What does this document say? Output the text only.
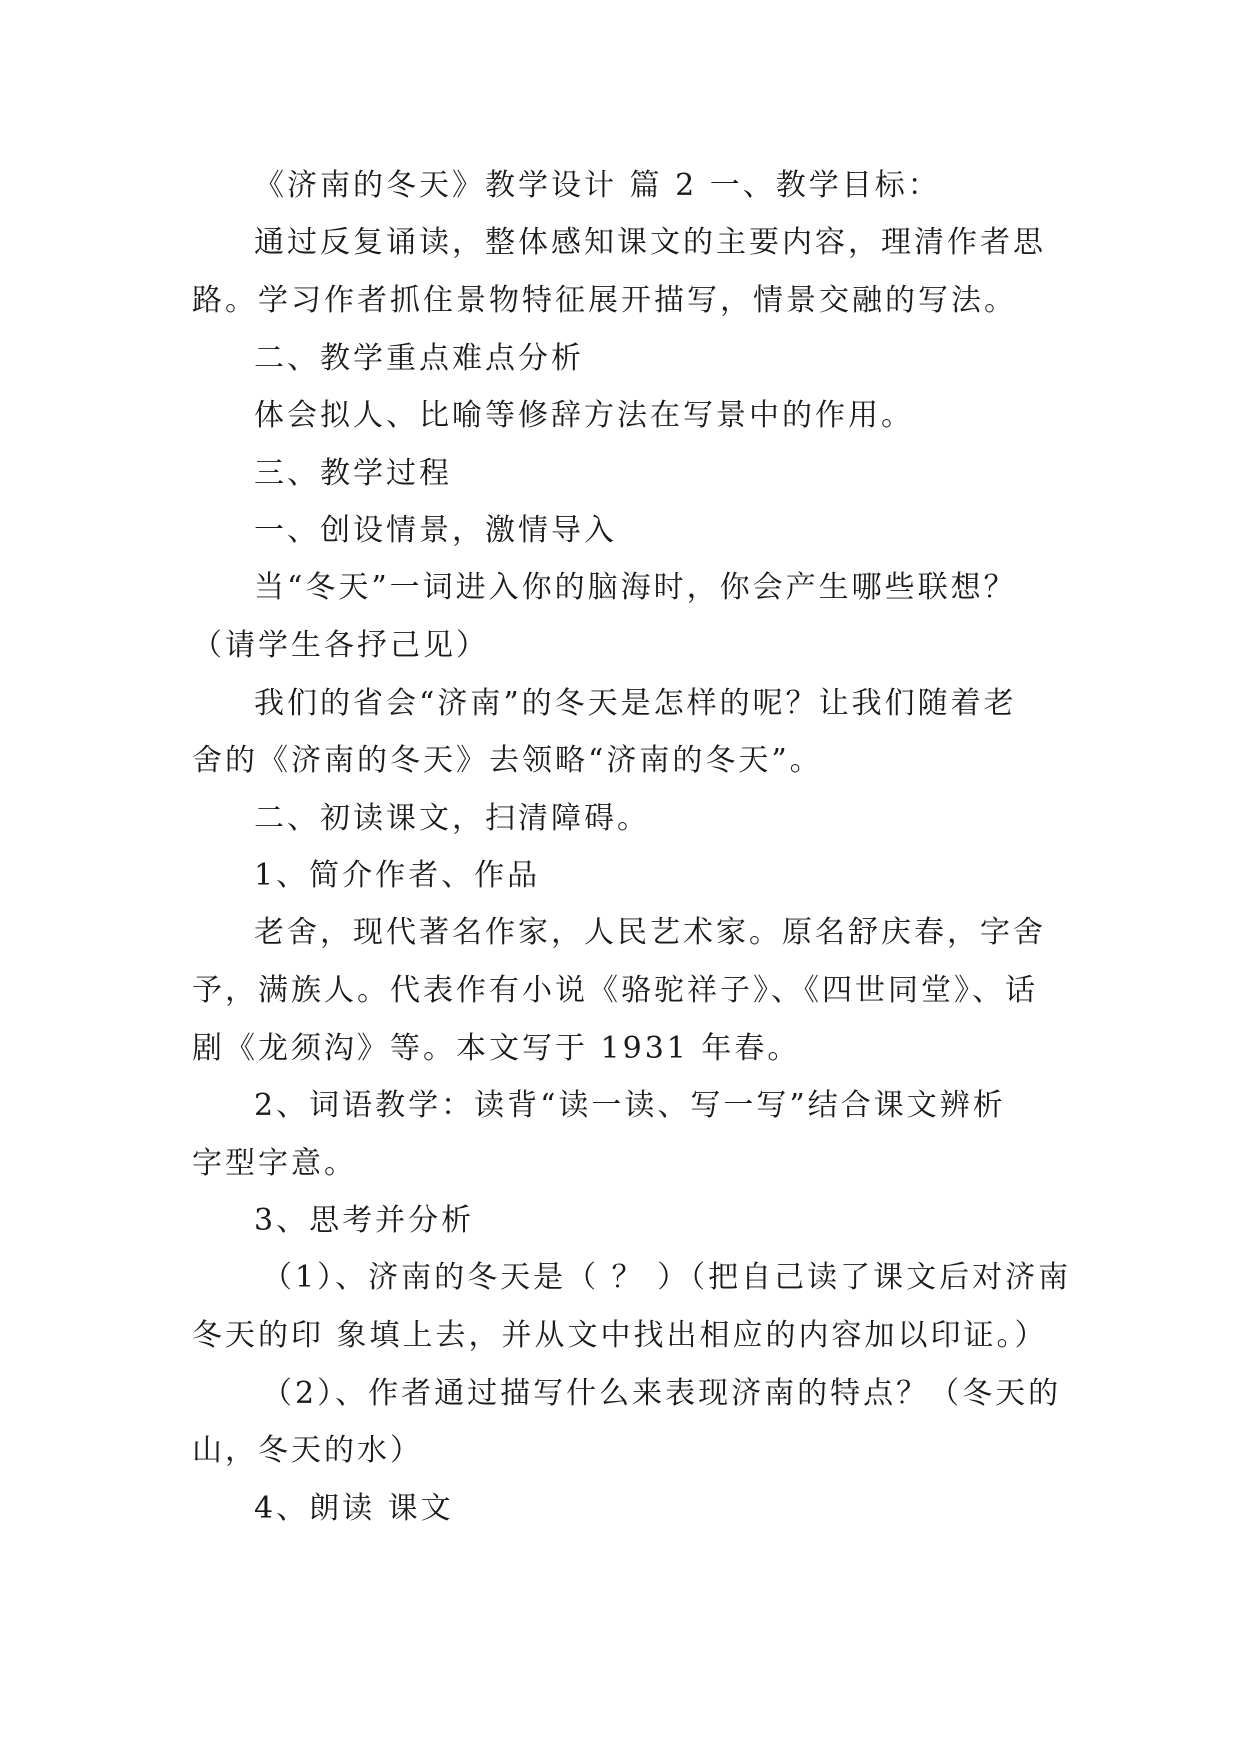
《济南的冬天》教学设计 篇 2 一、教学目标：
通过反复诵读，整体感知课文的主要内容，理清作者思
路。学习作者抓住景物特征展开描写，情景交融的写法。
二、教学重点难点分析
体会拟人、比喻等修辞方法在写景中的作用。
三、教学过程
一、创设情景，激情导入
当“冬天”一词进入你的脑海时，你会产生哪些联想？
（请学生各抒己见）
我们的省会“济南”的冬天是怎样的呢？让我们随着老
舍的《济南的冬天》去领略“济南的冬天”。
二、初读课文，扫清障碍。
1、简介作者、作品
老舍，现代著名作家，人民艺术家。原名舒庆春，字舍
予，满族人。代表作有小说《骆驼祥子》、《四世同堂》、话
剧《龙须沟》等。本文写于 1931 年春。
2、词语教学：读背“读一读、写一写”结合课文辨析
字型字意。
3、思考并分析
（1）、济南的冬天是（ ？ ）（把自己读了课文后对济南
冬天的印 象填上去，并从文中找出相应的内容加以印证。）
（2）、作者通过描写什么来表现济南的特点？（冬天的
山，冬天的水）
4、朗读 课文
